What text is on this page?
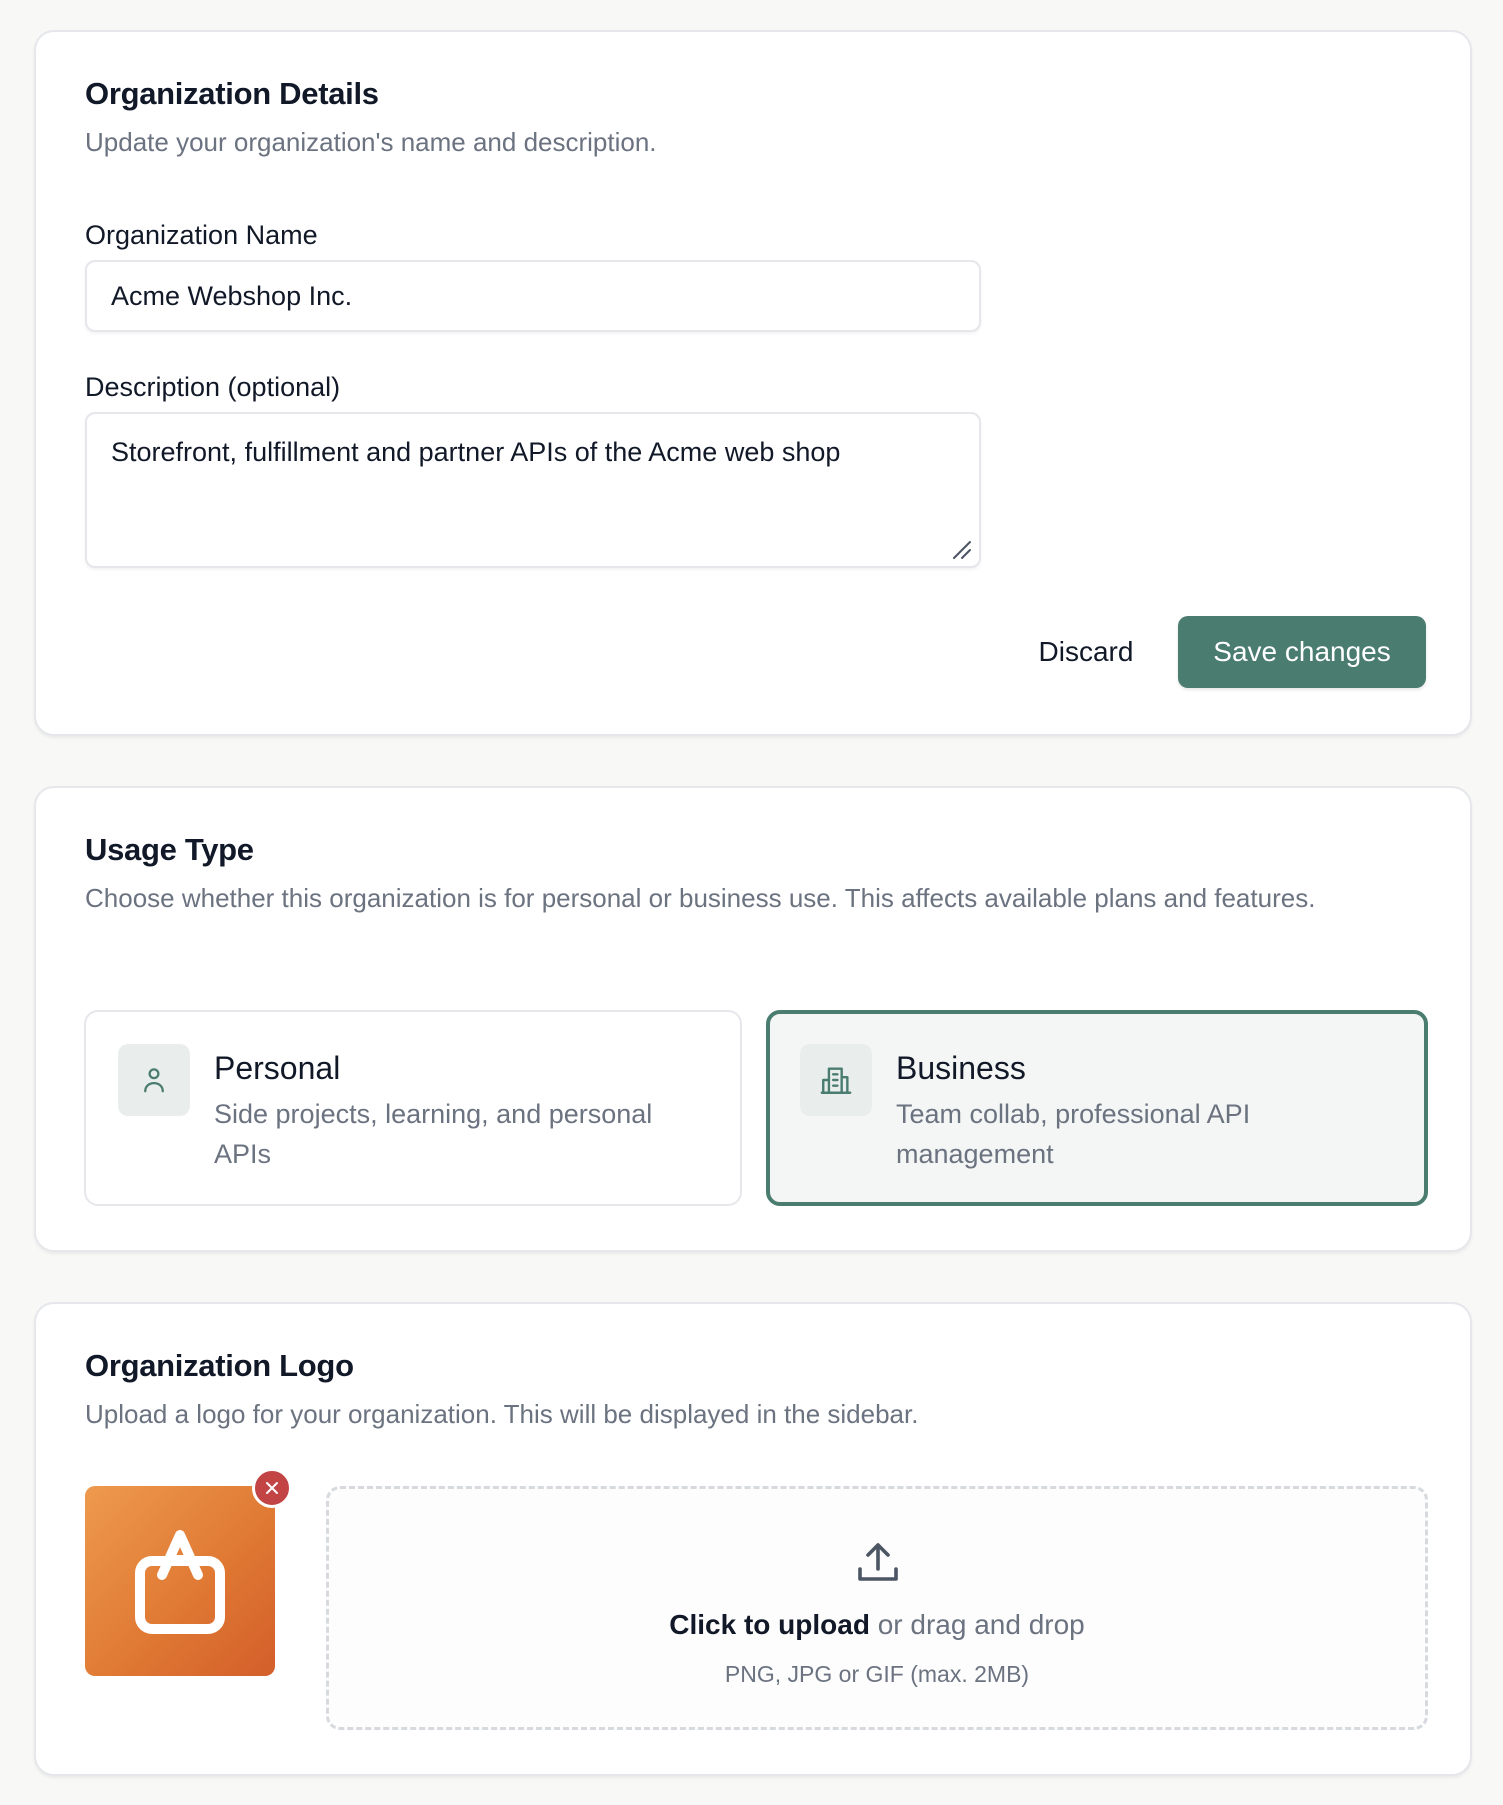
Organization Details

Update your organization's name and description.

Organization Name
Acme Webshop Inc.
Description (optional)
Storefront, fulfillment and partner APIs of the Acme web shop
Discard	Save changes
Usage Type

Choose whether this organization is for personal or business use. This affects available plans and features.

Personal
Side projects, learning, and personal APIs
Business
Team collab, professional API management
Organization Logo

Upload a logo for your organization. This will be displayed in the sidebar.

Click to upload or drag and drop
PNG, JPG or GIF (max. 2MB)
